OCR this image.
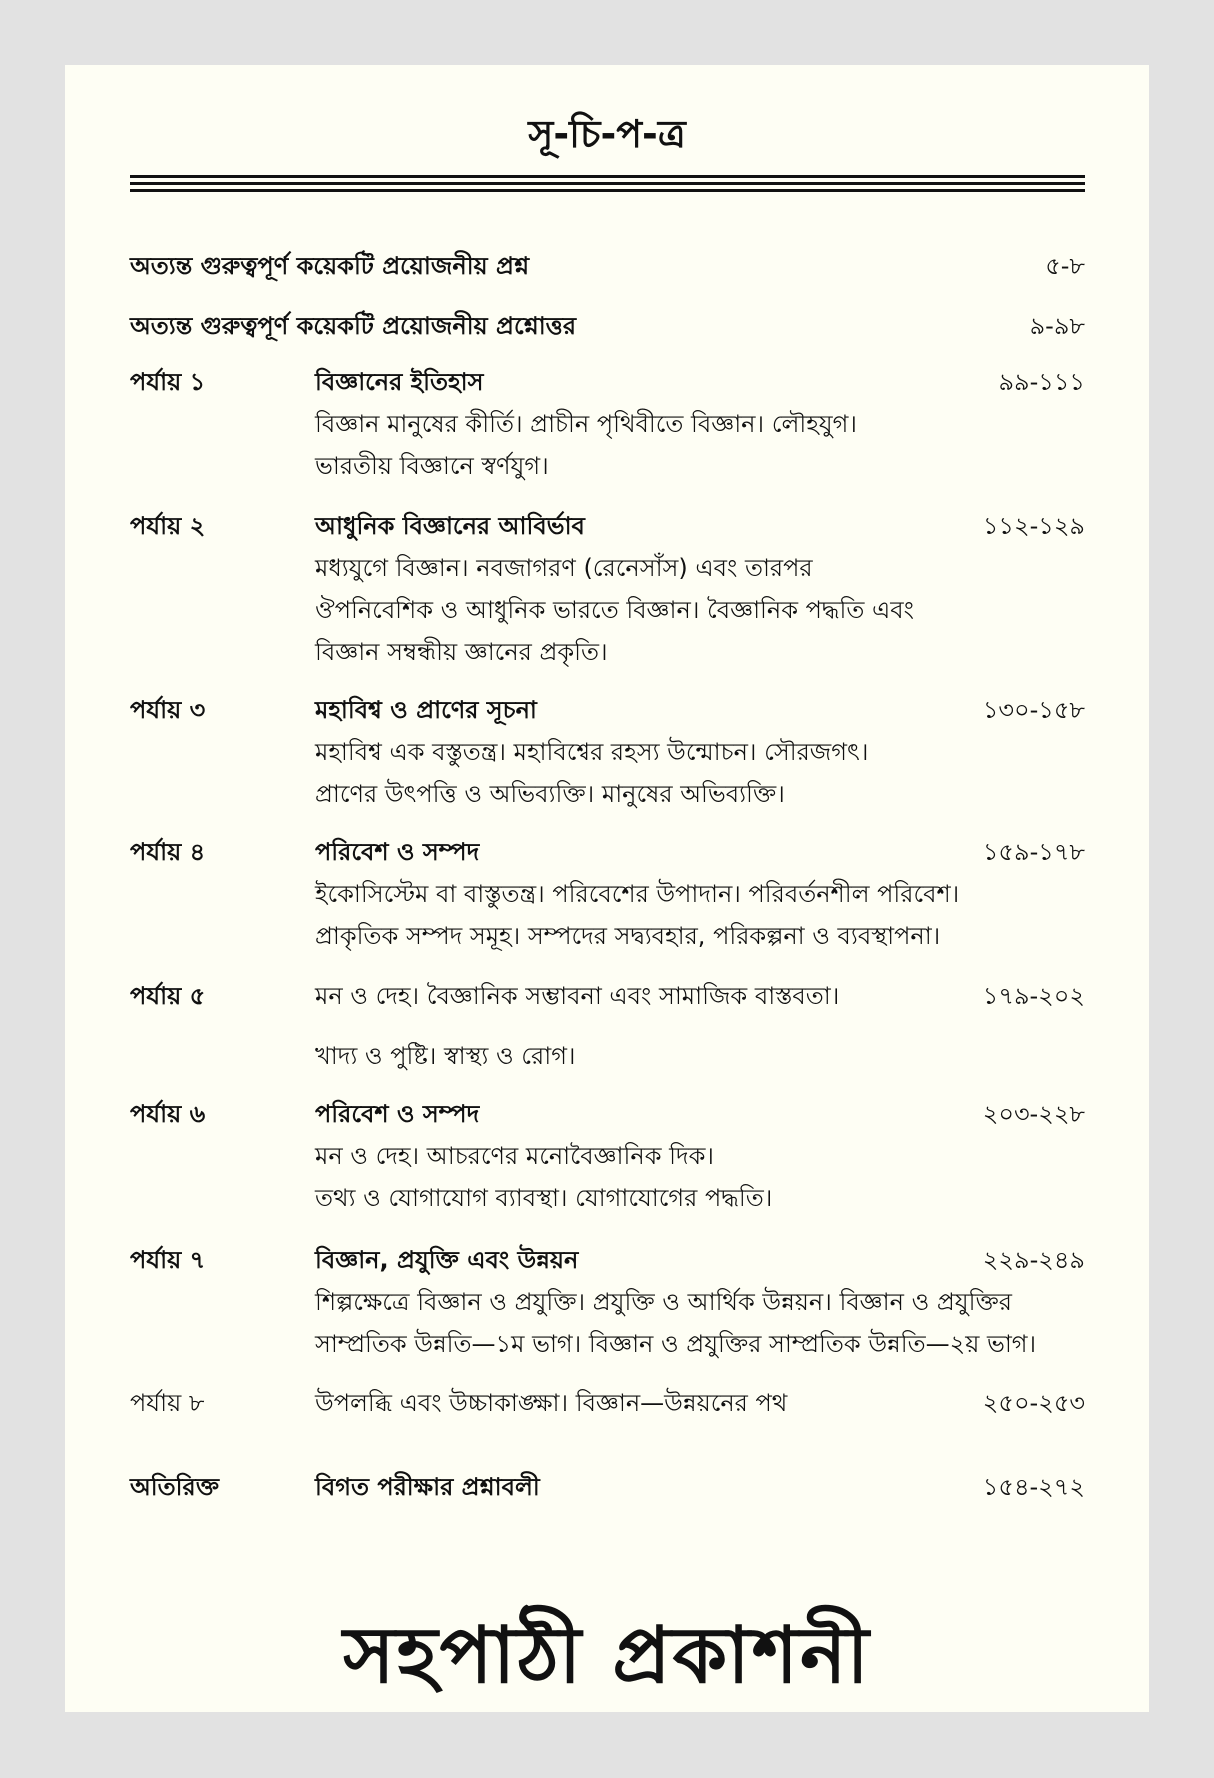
সূ-চি-প-ত্র
অত্যন্ত গুরুত্বপূর্ণ কয়েকটি প্রয়োজনীয় প্রশ্ন	৫-৮
অত্যন্ত গুরুত্বপূর্ণ কয়েকটি প্রয়োজনীয় প্রশ্নোত্তর	৯-৯৮
পর্যায় ১	বিজ্ঞানের ইতিহাস	৯৯-১১১
বিজ্ঞান মানুষের কীর্তি। প্রাচীন পৃথিবীতে বিজ্ঞান। লৌহযুগ।
ভারতীয় বিজ্ঞানে স্বর্ণযুগ।
পর্যায় ২	আধুনিক বিজ্ঞানের আবির্ভাব	১১২-১২৯
মধ্যযুগে বিজ্ঞান। নবজাগরণ (রেনেসাঁস) এবং তারপর
ঔপনিবেশিক ও আধুনিক ভারতে বিজ্ঞান। বৈজ্ঞানিক পদ্ধতি এবং
বিজ্ঞান সম্বন্ধীয় জ্ঞানের প্রকৃতি।
পর্যায় ৩	মহাবিশ্ব ও প্রাণের সূচনা	১৩০-১৫৮
মহাবিশ্ব এক বস্তুতন্ত্র। মহাবিশ্বের রহস্য উন্মোচন। সৌরজগৎ।
প্রাণের উৎপত্তি ও অভিব্যক্তি। মানুষের অভিব্যক্তি।
পর্যায় ৪	পরিবেশ ও সম্পদ	১৫৯-১৭৮
ইকোসিস্টেম বা বাস্তুতন্ত্র। পরিবেশের উপাদান। পরিবর্তনশীল পরিবেশ।
প্রাকৃতিক সম্পদ সমূহ। সম্পদের সদ্ব্যবহার, পরিকল্পনা ও ব্যবস্থাপনা।
পর্যায় ৫	মন ও দেহ। বৈজ্ঞানিক সম্ভাবনা এবং সামাজিক বাস্তবতা।	১৭৯-২০২
খাদ্য ও পুষ্টি। স্বাস্থ্য ও রোগ।
পর্যায় ৬	পরিবেশ ও সম্পদ	২০৩-২২৮
মন ও দেহ। আচরণের মনোবৈজ্ঞানিক দিক।
তথ্য ও যোগাযোগ ব্যাবস্থা। যোগাযোগের পদ্ধতি।
পর্যায় ৭	বিজ্ঞান, প্রযুক্তি এবং উন্নয়ন	২২৯-২৪৯
শিল্পক্ষেত্রে বিজ্ঞান ও প্রযুক্তি। প্রযুক্তি ও আর্থিক উন্নয়ন। বিজ্ঞান ও প্রযুক্তির
সাম্প্রতিক উন্নতি—১ম ভাগ। বিজ্ঞান ও প্রযুক্তির সাম্প্রতিক উন্নতি—২য় ভাগ।
পর্যায় ৮	উপলব্ধি এবং উচ্চাকাঙ্ক্ষা। বিজ্ঞান—উন্নয়নের পথ	২৫০-২৫৩
অতিরিক্ত	বিগত পরীক্ষার প্রশ্নাবলী	১৫৪-২৭২
সহপাঠী প্রকাশনী
